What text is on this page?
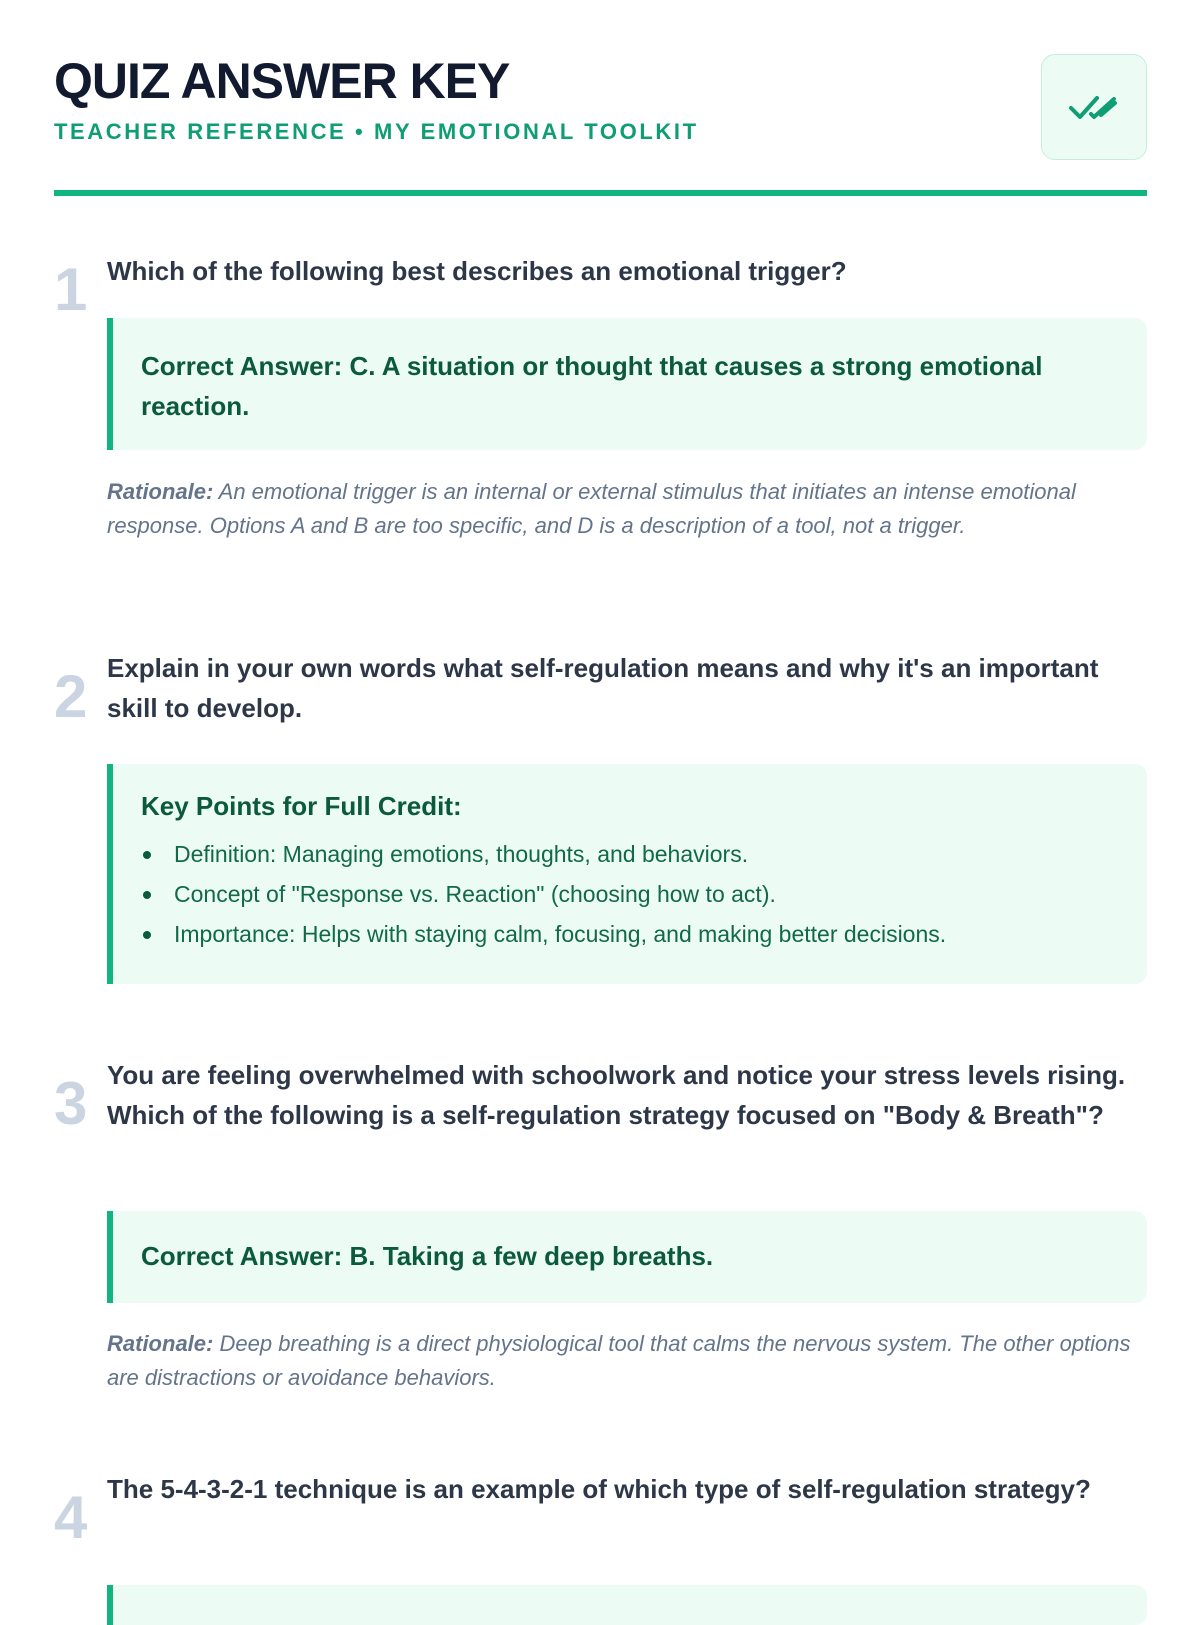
QUIZ ANSWER KEY
TEACHER REFERENCE • MY EMOTIONAL TOOLKIT
1 Which of the following best describes an emotional trigger?

Correct Answer: C. A situation or thought that causes a strong emotional reaction.

Rationale: An emotional trigger is an internal or external stimulus that initiates an intense emotional response. Options A and B are too specific, and D is a description of a tool, not a trigger.

2 Explain in your own words what self-regulation means and why it's an important skill to develop.

Key Points for Full Credit:

Definition: Managing emotions, thoughts, and behaviors.
Concept of "Response vs. Reaction" (choosing how to act).
Importance: Helps with staying calm, focusing, and making better decisions.
3 You are feeling overwhelmed with schoolwork and notice your stress levels rising. Which of the following is a self-regulation strategy focused on "Body & Breath"?

Correct Answer: B. Taking a few deep breaths.

Rationale: Deep breathing is a direct physiological tool that calms the nervous system. The other options are distractions or avoidance behaviors.

4 The 5-4-3-2-1 technique is an example of which type of self-regulation strategy?
